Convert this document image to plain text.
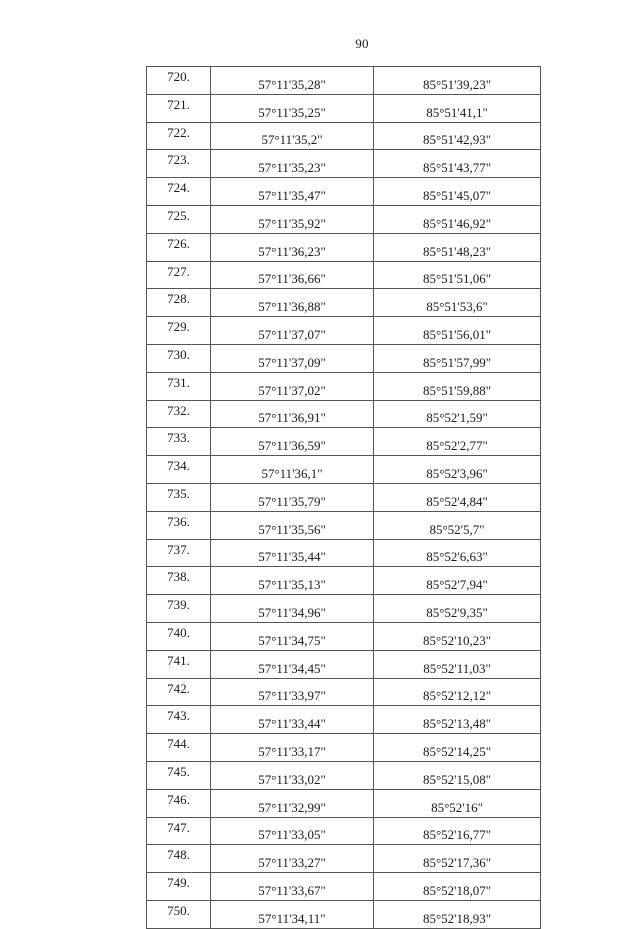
90
720.	57°11'35,28"	85°51'39,23"
721.	57°11'35,25"	85°51'41,1"
722.	57°11'35,2"	85°51'42,93"
723.	57°11'35,23"	85°51'43,77"
724.	57°11'35,47"	85°51'45,07"
725.	57°11'35,92"	85°51'46,92"
726.	57°11'36,23"	85°51'48,23"
727.	57°11'36,66"	85°51'51,06"
728.	57°11'36,88"	85°51'53,6"
729.	57°11'37,07"	85°51'56,01"
730.	57°11'37,09"	85°51'57,99"
731.	57°11'37,02"	85°51'59,88"
732.	57°11'36,91"	85°52'1,59"
733.	57°11'36,59"	85°52'2,77"
734.	57°11'36,1"	85°52'3,96"
735.	57°11'35,79"	85°52'4,84"
736.	57°11'35,56"	85°52'5,7"
737.	57°11'35,44"	85°52'6,63"
738.	57°11'35,13"	85°52'7,94"
739.	57°11'34,96"	85°52'9,35"
740.	57°11'34,75"	85°52'10,23"
741.	57°11'34,45"	85°52'11,03"
742.	57°11'33,97"	85°52'12,12"
743.	57°11'33,44"	85°52'13,48"
744.	57°11'33,17"	85°52'14,25"
745.	57°11'33,02"	85°52'15,08"
746.	57°11'32,99"	85°52'16"
747.	57°11'33,05"	85°52'16,77"
748.	57°11'33,27"	85°52'17,36"
749.	57°11'33,67"	85°52'18,07"
750.	57°11'34,11"	85°52'18,93"
